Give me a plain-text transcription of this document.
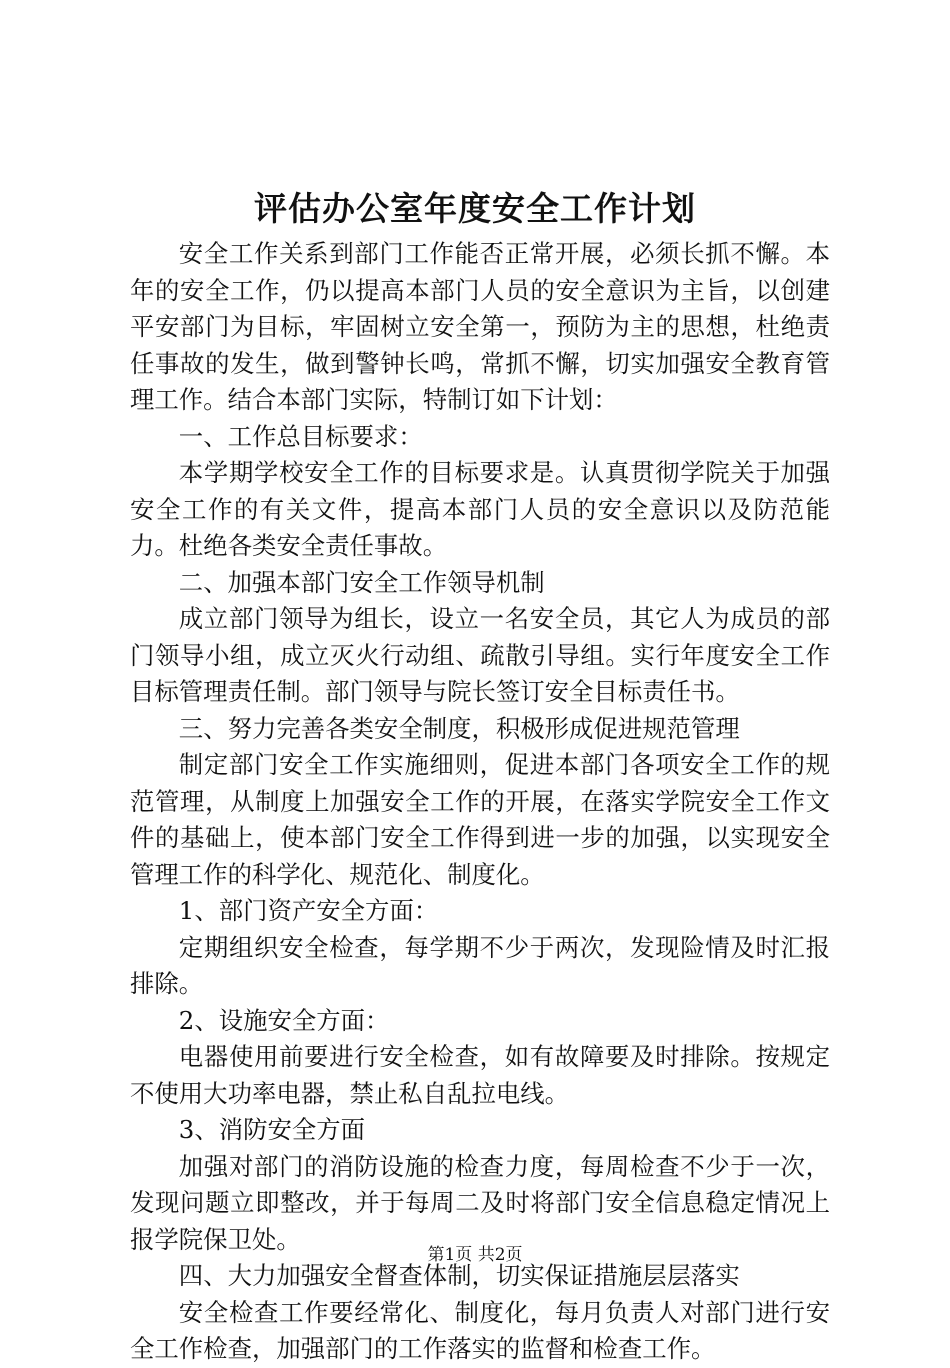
评估办公室年度安全工作计划

安全工作关系到部门工作能否正常开展，必须长抓不懈。本年的安全工作，仍以提高本部门人员的安全意识为主旨，以创建平安部门为目标，牢固树立安全第一，预防为主的思想，杜绝责任事故的发生，做到警钟长鸣，常抓不懈，切实加强安全教育管理工作。结合本部门实际，特制订如下计划：

一、工作总目标要求：

本学期学校安全工作的目标要求是。认真贯彻学院关于加强安全工作的有关文件，提高本部门人员的安全意识以及防范能力。杜绝各类安全责任事故。

二、加强本部门安全工作领导机制

成立部门领导为组长，设立一名安全员，其它人为成员的部门领导小组，成立灭火行动组、疏散引导组。实行年度安全工作目标管理责任制。部门领导与院长签订安全目标责任书。

三、努力完善各类安全制度，积极形成促进规范管理

制定部门安全工作实施细则，促进本部门各项安全工作的规范管理，从制度上加强安全工作的开展，在落实学院安全工作文件的基础上，使本部门安全工作得到进一步的加强，以实现安全管理工作的科学化、规范化、制度化。

1、部门资产安全方面：

定期组织安全检查，每学期不少于两次，发现险情及时汇报排除。

2、设施安全方面：

电器使用前要进行安全检查，如有故障要及时排除。按规定不使用大功率电器，禁止私自乱拉电线。

3、消防安全方面

加强对部门的消防设施的检查力度，每周检查不少于一次，发现问题立即整改，并于每周二及时将部门安全信息稳定情况上报学院保卫处。

四、大力加强安全督查体制，切实保证措施层层落实

安全检查工作要经常化、制度化，每月负责人对部门进行安全工作检查，加强部门的工作落实的监督和检查工作。

第1页 共2页
